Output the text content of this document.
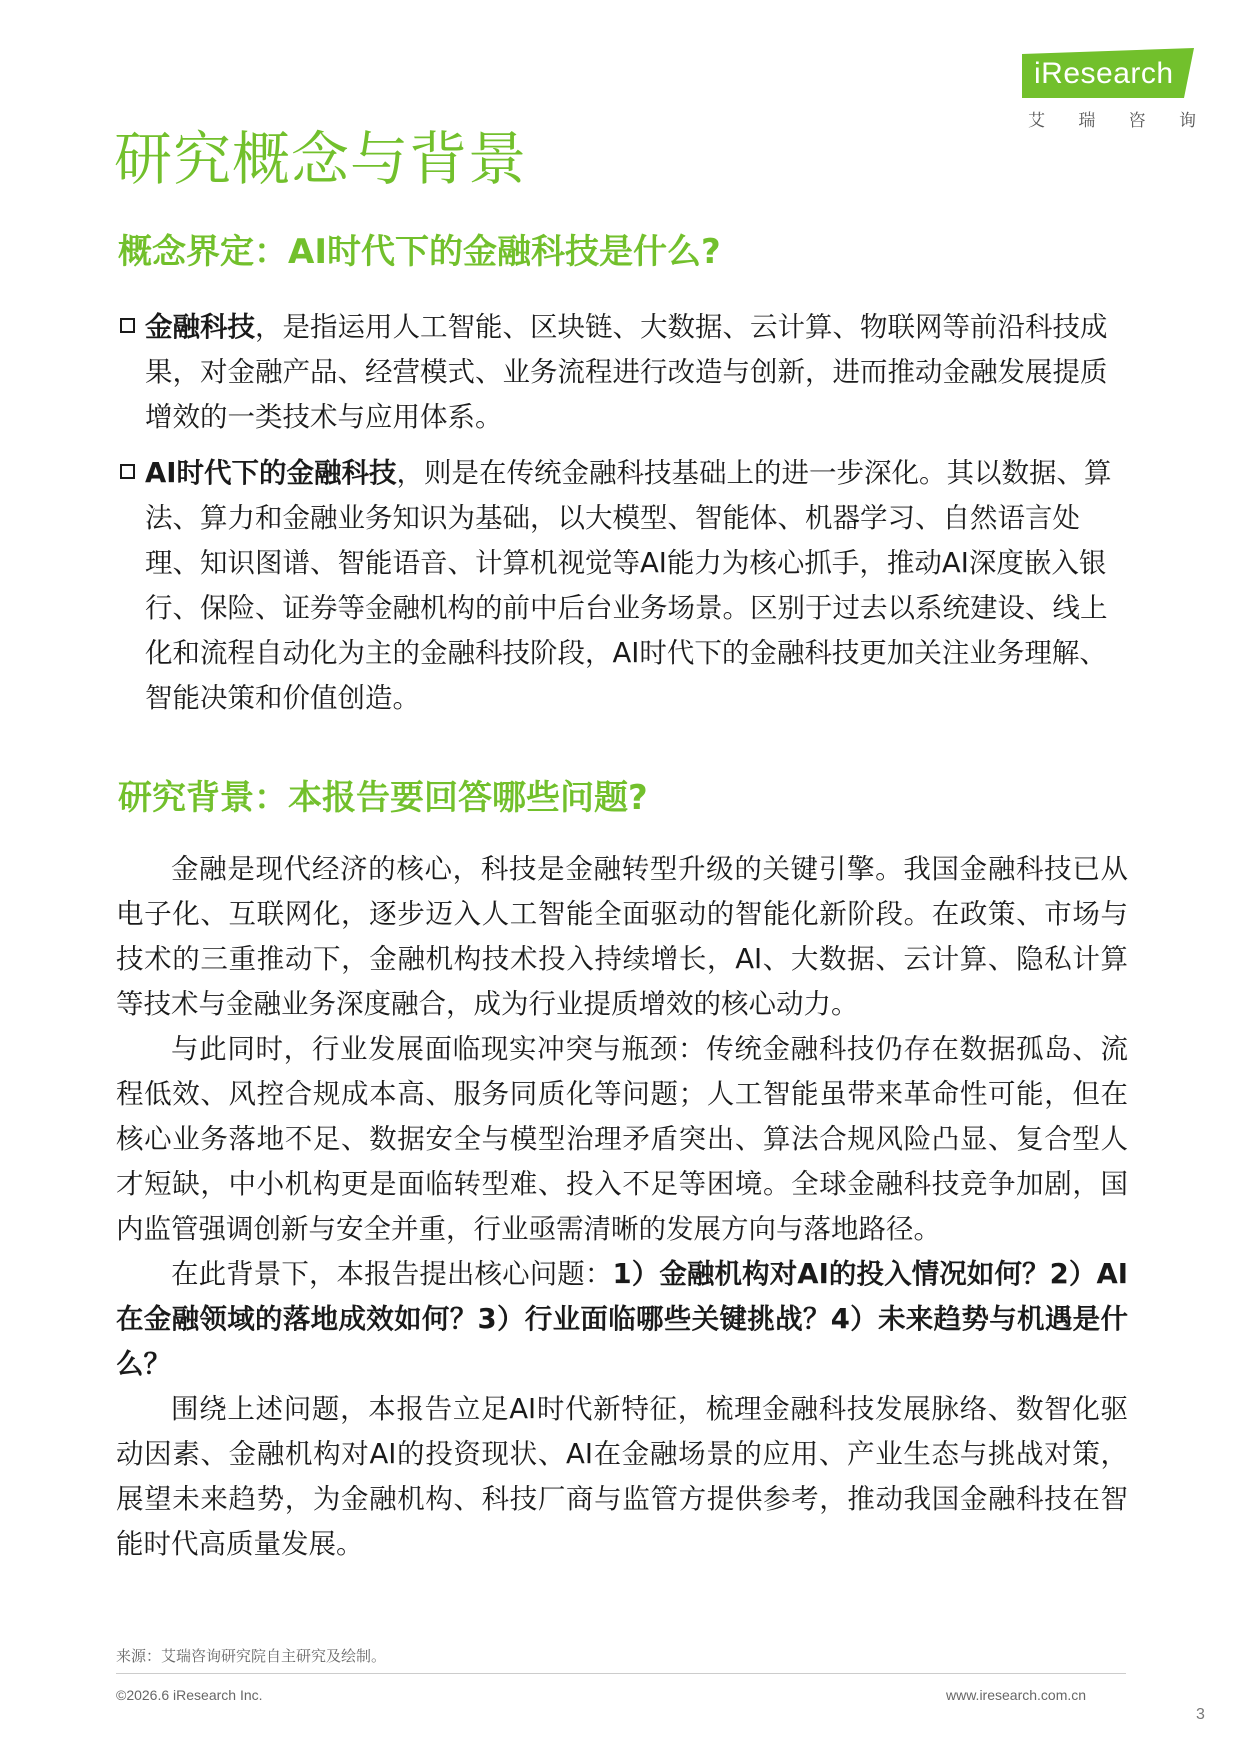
iResearch
艾 瑞 咨 询
研究概念与背景
概念界定：AI时代下的金融科技是什么?
金融科技，是指运用人工智能、区块链、大数据、云计算、物联网等前沿科技成果，对金融产品、经营模式、业务流程进行改造与创新，进而推动金融发展提质增效的一类技术与应用体系。
AI时代下的金融科技，则是在传统金融科技基础上的进一步深化。其以数据、算法、算力和金融业务知识为基础，以大模型、智能体、机器学习、自然语言处理、知识图谱、智能语音、计算机视觉等AI能力为核心抓手，推动AI深度嵌入银行、保险、证券等金融机构的前中后台业务场景。区别于过去以系统建设、线上化和流程自动化为主的金融科技阶段，AI时代下的金融科技更加关注业务理解、智能决策和价值创造。
研究背景：本报告要回答哪些问题?

金融是现代经济的核心，科技是金融转型升级的关键引擎。我国金融科技已从电子化、互联网化，逐步迈入人工智能全面驱动的智能化新阶段。在政策、市场与技术的三重推动下，金融机构技术投入持续增长，AI、大数据、云计算、隐私计算等技术与金融业务深度融合，成为行业提质增效的核心动力。

与此同时，行业发展面临现实冲突与瓶颈：传统金融科技仍存在数据孤岛、流程低效、风控合规成本高、服务同质化等问题；人工智能虽带来革命性可能，但在核心业务落地不足、数据安全与模型治理矛盾突出、算法合规风险凸显、复合型人才短缺，中小机构更是面临转型难、投入不足等困境。全球金融科技竞争加剧，国内监管强调创新与安全并重，行业亟需清晰的发展方向与落地路径。

在此背景下，本报告提出核心问题：1）金融机构对AI的投入情况如何？2）AI在金融领域的落地成效如何？3）行业面临哪些关键挑战？4）未来趋势与机遇是什么？

围绕上述问题，本报告立足AI时代新特征，梳理金融科技发展脉络、数智化驱动因素、金融机构对AI的投资现状、AI在金融场景的应用、产业生态与挑战对策，展望未来趋势，为金融机构、科技厂商与监管方提供参考，推动我国金融科技在智能时代高质量发展。

来源：艾瑞咨询研究院自主研究及绘制。
©2026.6 iResearch Inc.	www.iresearch.com.cn
3
